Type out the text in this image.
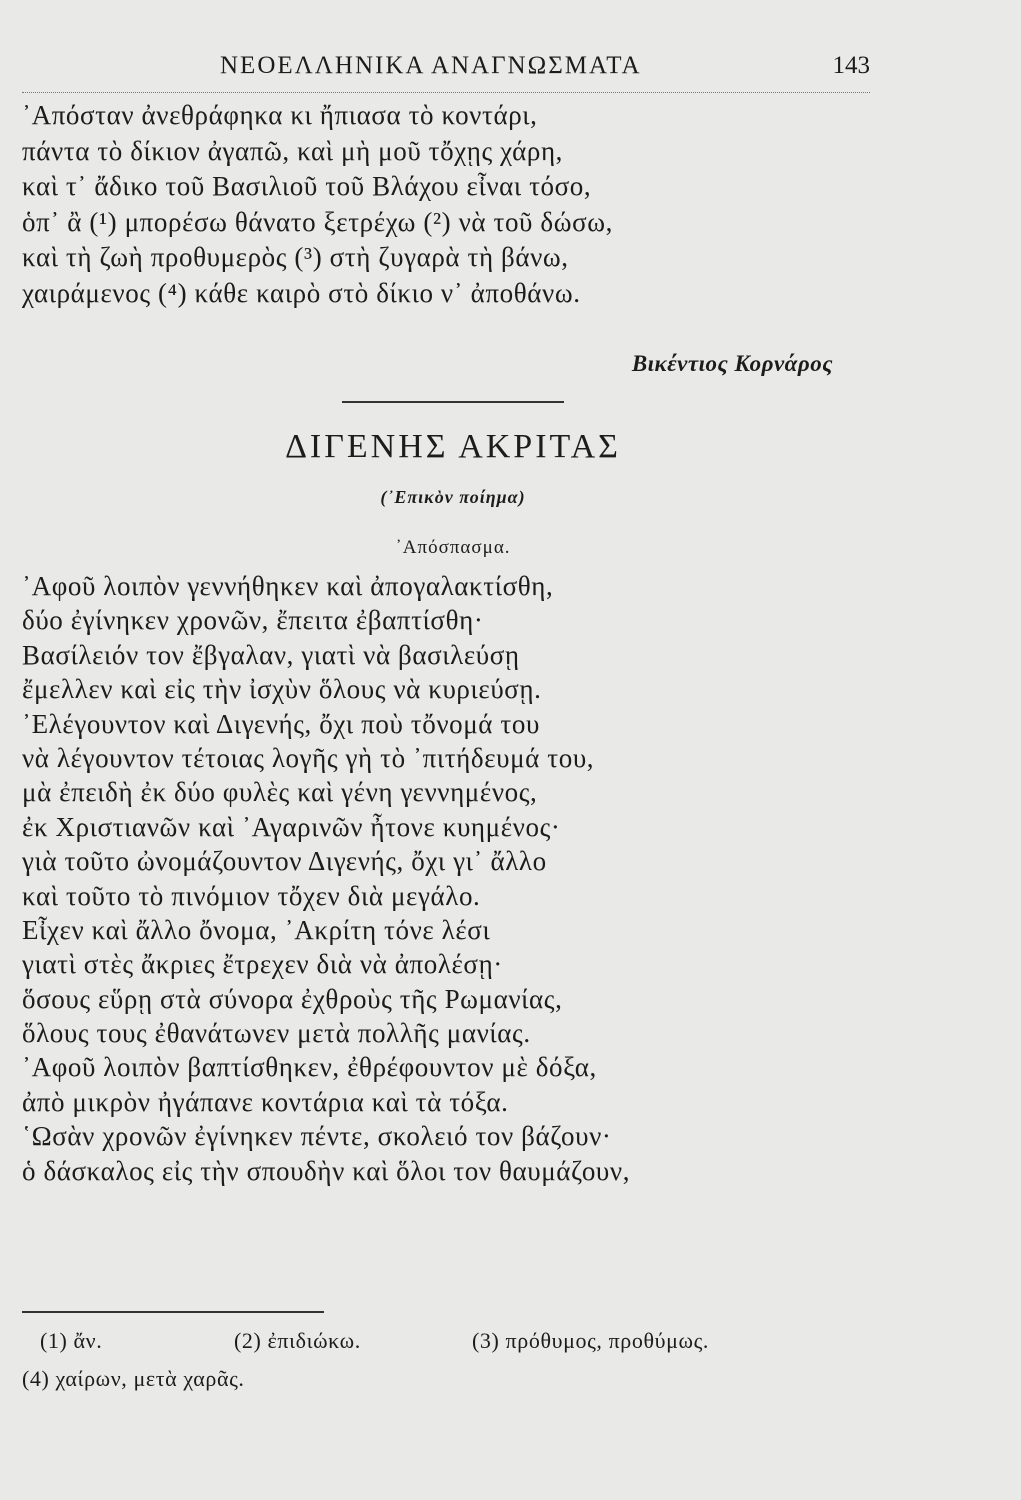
ΝΕΟΕΛΛΗΝΙΚΑ ΑΝΑΓΝΩΣΜΑΤΑ	143
᾿Απόσταν ἀνεθράφηκα κι ἤπιασα τὸ κοντάρι,
πάντα τὸ δίκιον ἀγαπῶ, καὶ μὴ μοῦ τὄχῃς χάρη,
καὶ τ᾿ ἄδικο τοῦ Βασιλιοῦ τοῦ Βλάχου εἶναι τόσο,
ὁπ᾿ ἂ (¹) μπορέσω θάνατο ξετρέχω (²) νὰ τοῦ δώσω,
καὶ τὴ ζωὴ προθυμερὸς (³) στὴ ζυγαρὰ τὴ βάνω,
χαιράμενος (⁴) κάθε καιρὸ στὸ δίκιο ν᾿ ἀποθάνω.
Βικέντιος Κορνάρος
ΔΙΓΕΝΗΣ ΑΚΡΙΤΑΣ
(᾿Επικὸν ποίημα)
᾿Απόσπασμα.
᾿Αφοῦ λοιπὸν γεννήθηκεν καὶ ἀπογαλακτίσθη,
δύο ἐγίνηκεν χρονῶν, ἔπειτα ἐβαπτίσθη·
Βασίλειόν τον ἔβγαλαν, γιατὶ νὰ βασιλεύσῃ
ἔμελλεν καὶ εἰς τὴν ἰσχὺν ὅλους νὰ κυριεύσῃ.
᾿Ελέγουντον καὶ Διγενής, ὄχι ποὺ τὄνομά του
νὰ λέγουντον τέτοιας λογῆς γὴ τὸ ᾿πιτήδευμά του,
μὰ ἐπειδὴ ἐκ δύο φυλὲς καὶ γένη γεννημένος,
ἐκ Χριστιανῶν καὶ ᾿Αγαρινῶν ἦτονε κυημένος·
γιὰ τοῦτο ὠνομάζουντον Διγενής, ὄχι γι᾿ ἄλλο
καὶ τοῦτο τὸ πινόμιον τὄχεν διὰ μεγάλο.
Εἶχεν καὶ ἄλλο ὄνομα, ᾿Ακρίτη τόνε λέσι
γιατὶ στὲς ἄκριες ἔτρεχεν διὰ νὰ ἀπολέσῃ·
ὅσους εὕρῃ στὰ σύνορα ἐχθροὺς τῆς Ρωμανίας,
ὅλους τους ἐθανάτωνεν μετὰ πολλῆς μανίας.
᾿Αφοῦ λοιπὸν βαπτίσθηκεν, ἐθρέφουντον μὲ δόξα,
ἀπὸ μικρὸν ἠγάπανε κοντάρια καὶ τὰ τόξα.
῾Ωσὰν χρονῶν ἐγίνηκεν πέντε, σκολειό τον βάζουν·
ὁ δάσκαλος εἰς τὴν σπουδὴν καὶ ὅλοι τον θαυμάζουν,
(1) ἄν.	(2) ἐπιδιώκω.	(3) πρόθυμος, προθύμως.
(4) χαίρων, μετὰ χαρᾶς.
